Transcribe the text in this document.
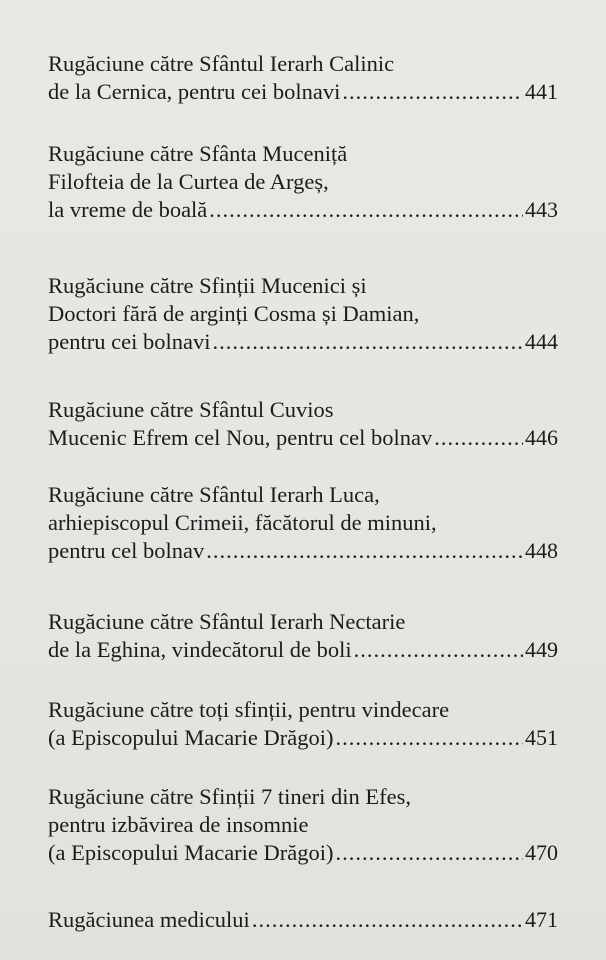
Rugăciune către Sfântul Ierarh Calinic
de la Cernica, pentru cei bolnavi .....	441
Rugăciune către Sfânta Muceniță
Filofteia de la Curtea de Argeș,
la vreme de boală .....	443
Rugăciune către Sfinții Mucenici și
Doctori fără de arginți Cosma și Damian,
pentru cei bolnavi .....	444
Rugăciune către Sfântul Cuvios
Mucenic Efrem cel Nou, pentru cel bolnav .....	446
Rugăciune către Sfântul Ierarh Luca,
arhiepiscopul Crimeii, făcătorul de minuni,
pentru cel bolnav .....	448
Rugăciune către Sfântul Ierarh Nectarie
de la Eghina, vindecătorul de boli .....	449
Rugăciune către toți sfinții, pentru vindecare
(a Episcopului Macarie Drăgoi) .....	451
Rugăciune către Sfinții 7 tineri din Efes,
pentru izbăvirea de insomnie
(a Episcopului Macarie Drăgoi) .....	470
Rugăciunea medicului .....	471
